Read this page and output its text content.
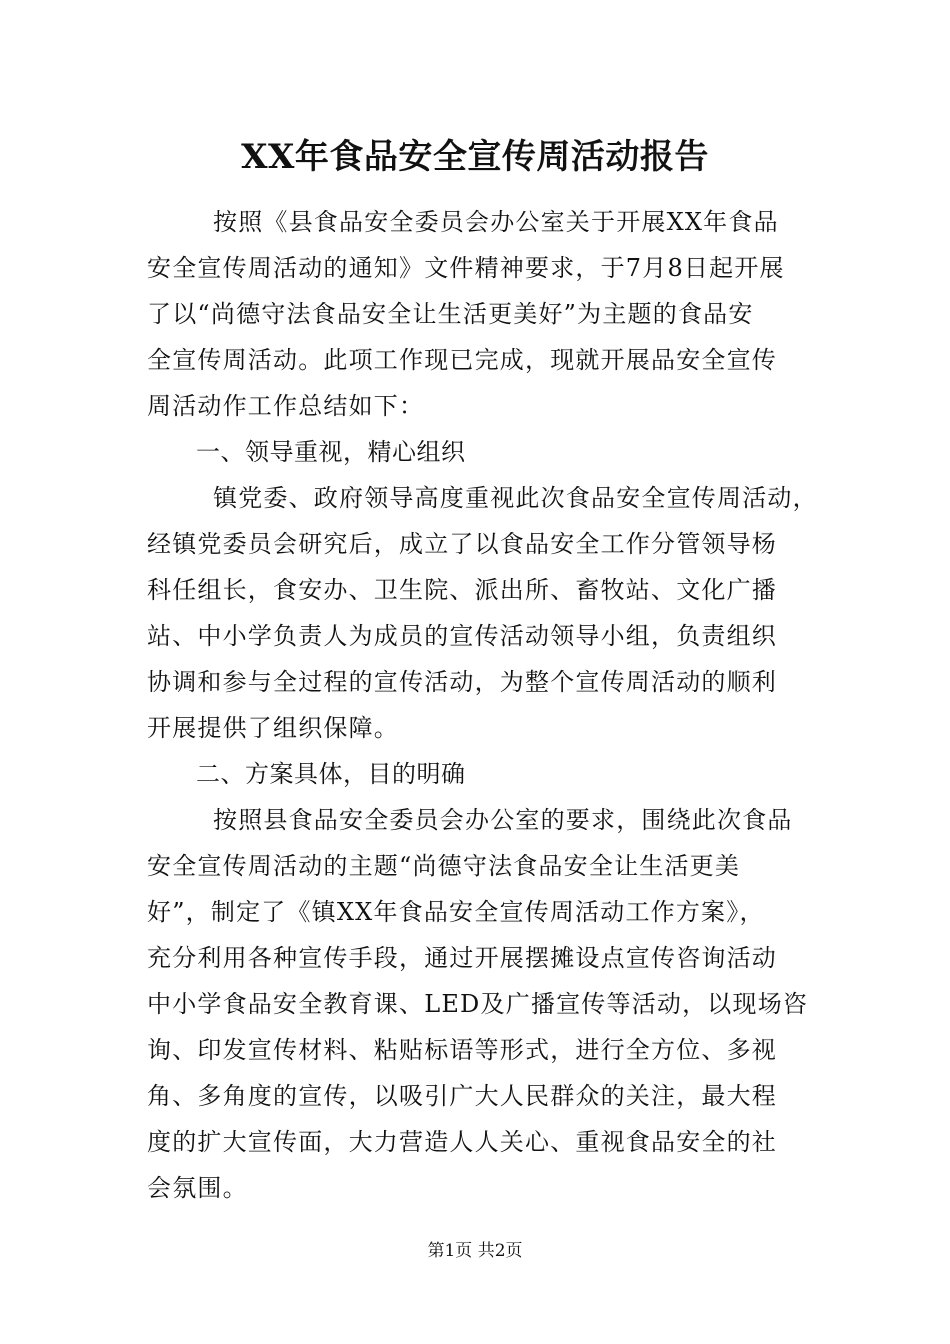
XX年食品安全宣传周活动报告
按照《县食品安全委员会办公室关于开展XX年食品
安全宣传周活动的通知》文件精神要求，于7月8日起开展
了以“尚德守法食品安全让生活更美好”为主题的食品安
全宣传周活动。此项工作现已完成，现就开展品安全宣传
周活动作工作总结如下：
一、领导重视，精心组织
镇党委、政府领导高度重视此次食品安全宣传周活动，
经镇党委员会研究后，成立了以食品安全工作分管领导杨
科任组长，食安办、卫生院、派出所、畜牧站、文化广播
站、中小学负责人为成员的宣传活动领导小组，负责组织
协调和参与全过程的宣传活动，为整个宣传周活动的顺利
开展提供了组织保障。
二、方案具体，目的明确
按照县食品安全委员会办公室的要求，围绕此次食品
安全宣传周活动的主题“尚德守法食品安全让生活更美
好”，制定了《镇XX年食品安全宣传周活动工作方案》，
充分利用各种宣传手段，通过开展摆摊设点宣传咨询活动
中小学食品安全教育课、LED及广播宣传等活动，以现场咨
询、印发宣传材料、粘贴标语等形式，进行全方位、多视
角、多角度的宣传，以吸引广大人民群众的关注，最大程
度的扩大宣传面，大力营造人人关心、重视食品安全的社
会氛围。

第1页 共2页
